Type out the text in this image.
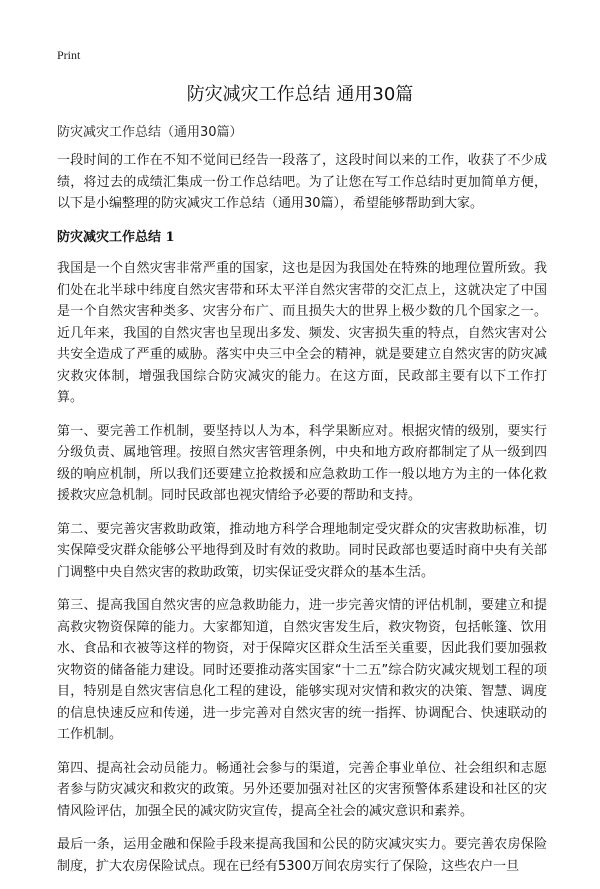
Print
防灾减灾工作总结 通用30篇
防灾减灾工作总结（通用30篇）

一段时间的工作在不知不觉间已经告一段落了，这段时间以来的工作，收获了不少成绩，将过去的成绩汇集成一份工作总结吧。为了让您在写工作总结时更加简单方便，以下是小编整理的防灾减灾工作总结（通用30篇），希望能够帮助到大家。

防灾减灾工作总结 1

我国是一个自然灾害非常严重的国家，这也是因为我国处在特殊的地理位置所致。我们处在北半球中纬度自然灾害带和环太平洋自然灾害带的交汇点上，这就决定了中国是一个自然灾害种类多、灾害分布广、而且损失大的世界上极少数的几个国家之一。近几年来，我国的自然灾害也呈现出多发、频发、灾害损失重的特点，自然灾害对公共安全造成了严重的威胁。落实中央三中全会的精神，就是要建立自然灾害的防灾减灾救灾体制，增强我国综合防灾减灾的能力。在这方面，民政部主要有以下工作打算。

第一、要完善工作机制，要坚持以人为本，科学果断应对。根据灾情的级别，要实行分级负责、属地管理。按照自然灾害管理条例，中央和地方政府都制定了从一级到四级的响应机制，所以我们还要建立抢救援和应急救助工作一般以地方为主的一体化救援救灾应急机制。同时民政部也视灾情给予必要的帮助和支持。

第二、要完善灾害救助政策，推动地方科学合理地制定受灾群众的灾害救助标准，切实保障受灾群众能够公平地得到及时有效的救助。同时民政部也要适时商中央有关部门调整中央自然灾害的救助政策，切实保证受灾群众的基本生活。

第三、提高我国自然灾害的应急救助能力，进一步完善灾情的评估机制，要建立和提高救灾物资保障的能力。大家都知道，自然灾害发生后，救灾物资，包括帐篷、饮用水、食品和衣被等这样的物资，对于保障灾区群众生活至关重要，因此我们要加强救灾物资的储备能力建设。同时还要推动落实国家“十二五”综合防灾减灾规划工程的项目，特别是自然灾害信息化工程的建设，能够实现对灾情和救灾的决策、智慧、调度的信息快速反应和传递，进一步完善对自然灾害的统一指挥、协调配合、快速联动的工作机制。

第四、提高社会动员能力。畅通社会参与的渠道，完善企事业单位、社会组织和志愿者参与防灾减灾和救灾的政策。另外还要加强对社区的灾害预警体系建设和社区的灾情风险评估，加强全民的减灾防灾宣传，提高全社会的减灾意识和素养。

最后一条，运用金融和保险手段来提高我国和公民的防灾减灾实力。要完善农房保险制度，扩大农房保险试点。现在已经有5300万间农房实行了保险，这些农户一旦
